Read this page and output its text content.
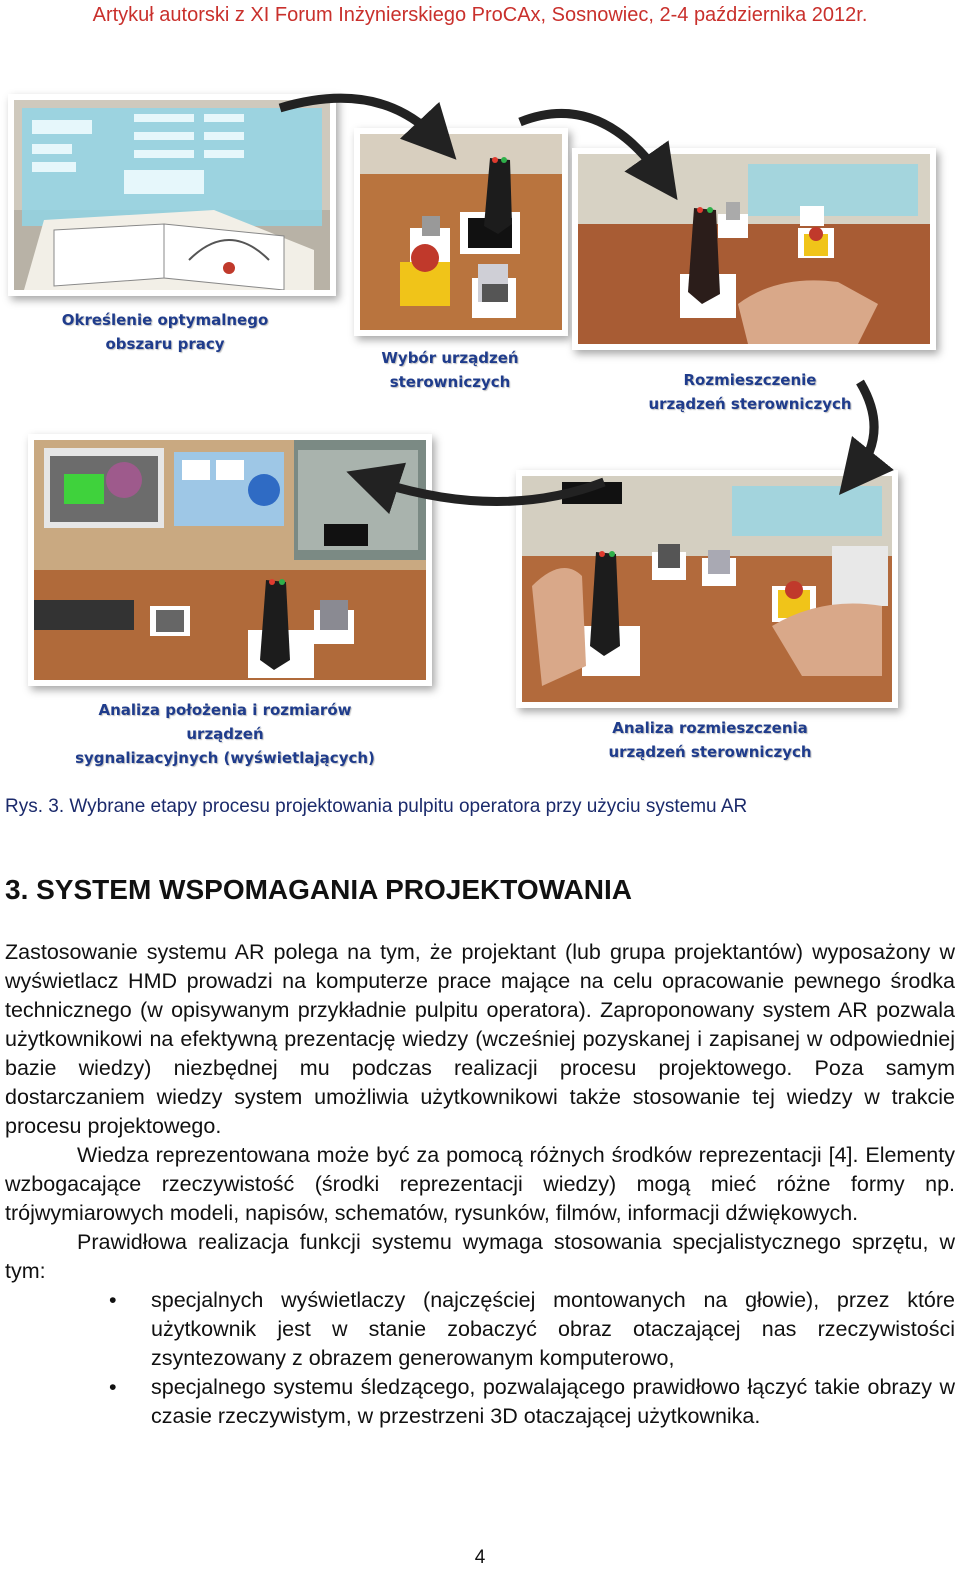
Artykuł autorski z XI Forum Inżynierskiego ProCAx, Sosnowiec, 2-4 października 2012r.
Określenie optymalnego
obszaru pracy
Wybór urządzeń
sterowniczych	Rozmieszczenie
urządzeń sterowniczych
Analiza położenia i rozmiarów urządzeń
sygnalizacyjnych (wyświetlających)
Analiza rozmieszczenia
urządzeń sterowniczych
Rys. 3. Wybrane etapy procesu projektowania pulpitu operatora przy użyciu systemu AR
3. SYSTEM WSPOMAGANIA PROJEKTOWANIA

Zastosowanie systemu AR polega na tym, że projektant (lub grupa projektantów) wyposażony w wyświetlacz HMD prowadzi na komputerze prace mające na celu opracowanie pewnego środka technicznego (w opisywanym przykładnie pulpitu operatora). Zaproponowany system AR pozwala użytkownikowi na efektywną prezentację wiedzy (wcześniej pozyskanej i zapisanej w odpowiedniej bazie wiedzy) niezbędnej mu podczas realizacji procesu projektowego. Poza samym dostarczaniem wiedzy system umożliwia użytkownikowi także stosowanie tej wiedzy w trakcie procesu projektowego.

Wiedza reprezentowana może być za pomocą różnych środków reprezentacji [4]. Elementy wzbogacające rzeczywistość (środki reprezentacji wiedzy) mogą mieć różne formy np. trójwymiarowych modeli, napisów, schematów, rysunków, filmów, informacji dźwiękowych.

Prawidłowa realizacja funkcji systemu wymaga stosowania specjalistycznego sprzętu, w tym:

• specjalnych wyświetlaczy (najczęściej montowanych na głowie), przez które użytkownik jest w stanie zobaczyć obraz otaczającej nas rzeczywistości zsyntezowany z obrazem generowanym komputerowo,
• specjalnego systemu śledzącego, pozwalającego prawidłowo łączyć takie obrazy w czasie rzeczywistym, w przestrzeni 3D otaczającej użytkownika.
4
